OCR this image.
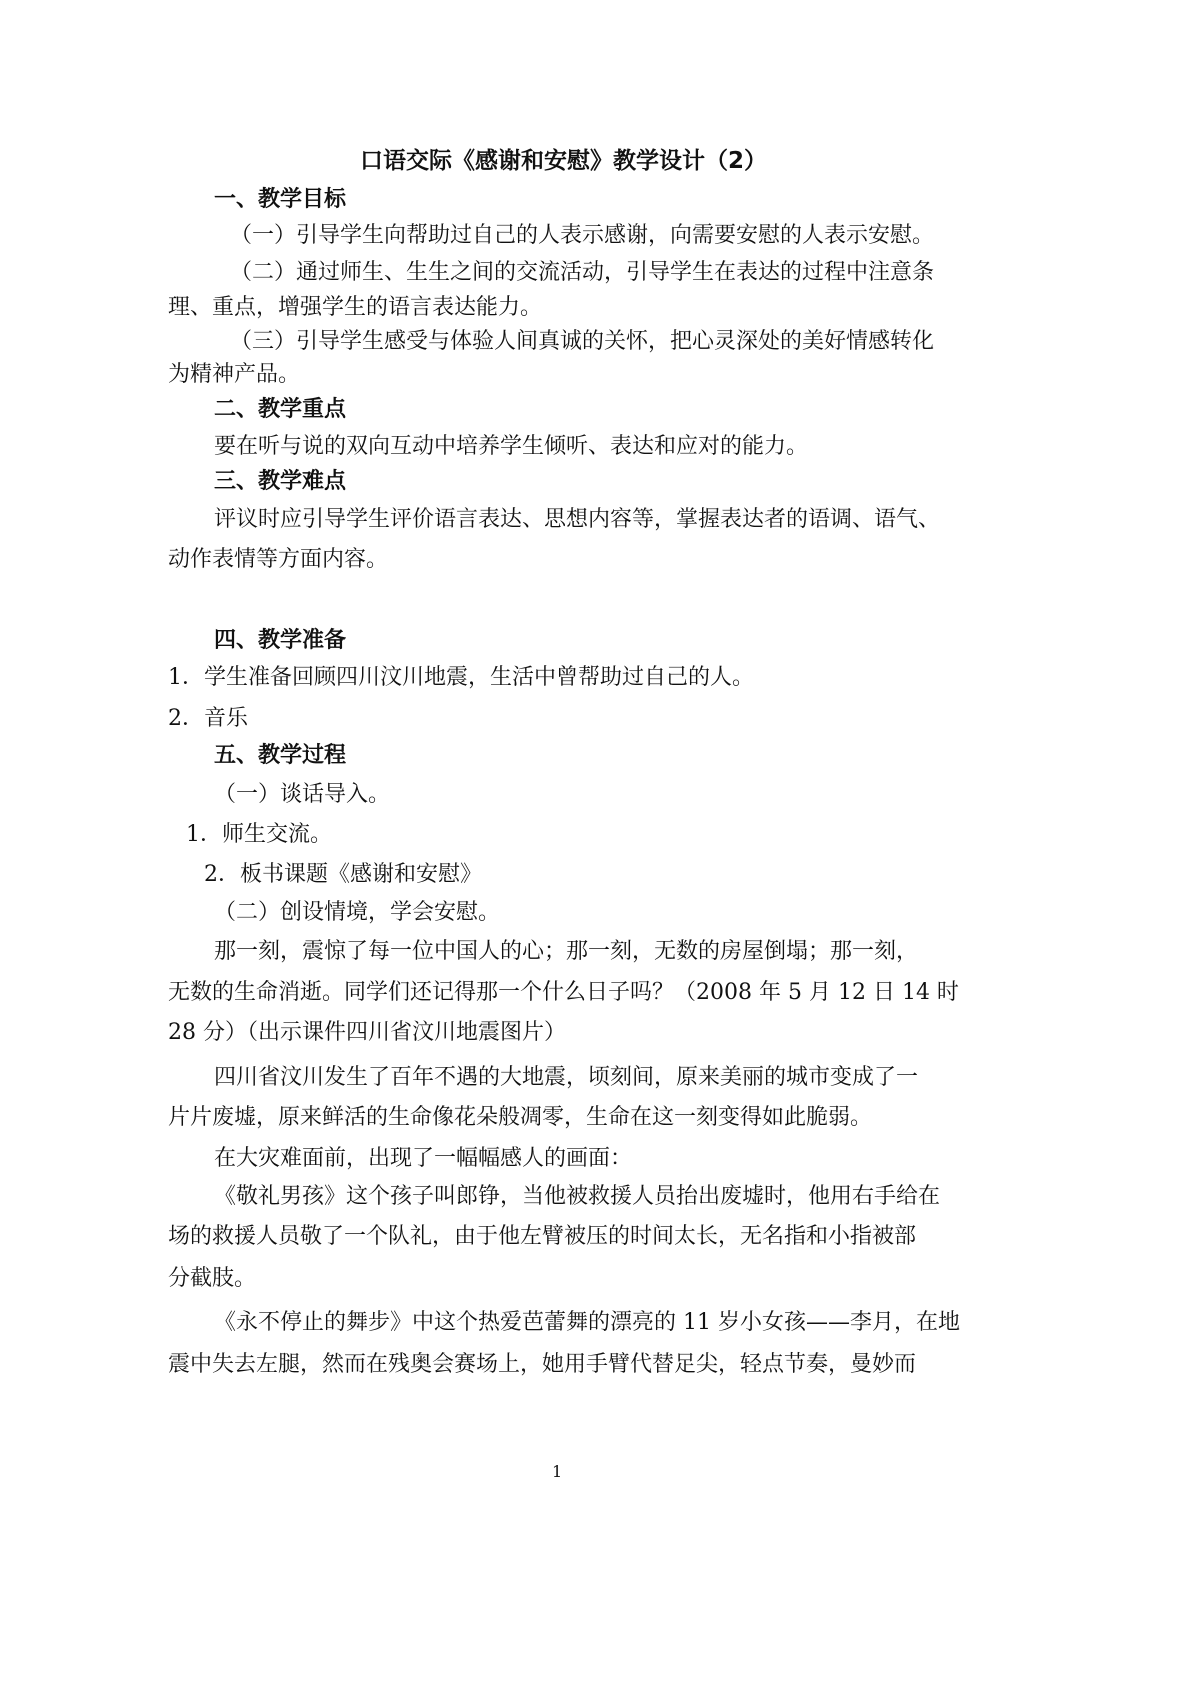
口语交际《感谢和安慰》教学设计（2）
一、教学目标
（一）引导学生向帮助过自己的人表示感谢，向需要安慰的人表示安慰。
（二）通过师生、生生之间的交流活动，引导学生在表达的过程中注意条
理、重点，增强学生的语言表达能力。
（三）引导学生感受与体验人间真诚的关怀，把心灵深处的美好情感转化
为精神产品。
二、教学重点
要在听与说的双向互动中培养学生倾听、表达和应对的能力。
三、教学难点
评议时应引导学生评价语言表达、思想内容等，掌握表达者的语调、语气、
动作表情等方面内容。
四、教学准备
1．学生准备回顾四川汶川地震，生活中曾帮助过自己的人。
2．音乐
五、教学过程
（一）谈话导入。
1．师生交流。
2．板书课题《感谢和安慰》
（二）创设情境，学会安慰。
那一刻，震惊了每一位中国人的心；那一刻，无数的房屋倒塌；那一刻，
无数的生命消逝。同学们还记得那一个什么日子吗？（2008 年 5 月 12 日 14 时
28 分）（出示课件四川省汶川地震图片）
四川省汶川发生了百年不遇的大地震，顷刻间，原来美丽的城市变成了一
片片废墟，原来鲜活的生命像花朵般凋零，生命在这一刻变得如此脆弱。
在大灾难面前，出现了一幅幅感人的画面：
《敬礼男孩》这个孩子叫郎铮，当他被救援人员抬出废墟时，他用右手给在
场的救援人员敬了一个队礼，由于他左臂被压的时间太长，无名指和小指被部
分截肢。
《永不停止的舞步》中这个热爱芭蕾舞的漂亮的 11 岁小女孩——李月，在地
震中失去左腿，然而在残奥会赛场上，她用手臂代替足尖，轻点节奏，曼妙而
1
